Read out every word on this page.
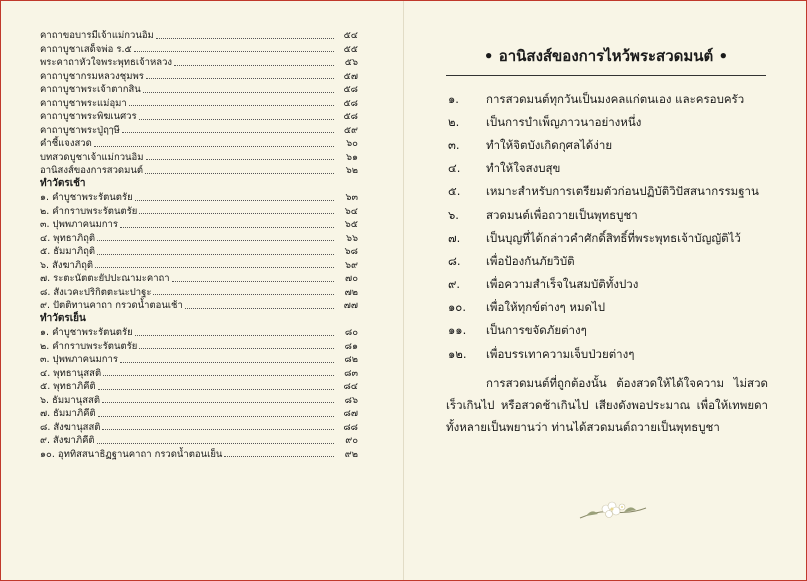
คาถาขอบารมีเจ้าแม่กวนอิม	๕๔
คาถาบูชาเสด็จพ่อ ร.๕	๕๕
พระคาถาหัวใจพระพุทธเจ้าหลวง	๕๖
คาถาบูชากรมหลวงชุมพร	๕๗
คาถาบูชาพระเจ้าตากสิน	๕๘
คาถาบูชาพระแม่อุมา	๕๘
คาถาบูชาพระพิฆเนศวร	๕๘
คาถาบูชาพระปู่ฤๅษี	๕๙
คำชี้แจงสวด	๖๐
บทสวดบูชาเจ้าแม่กวนอิม	๖๑
อานิสงส์ของการสวดมนต์	๖๒
ทำวัตรเช้า
๑. คำบูชาพระรัตนตรัย	๖๓
๒. คำกราบพระรัตนตรัย	๖๔
๓. ปุพพภาคนมการ	๖๕
๔. พุทธาภิถุติ	๖๖
๕. ธัมมาภิถุติ	๖๘
๖. สังฆาภิถุติ	๖๙
๗. ระตะนัตตะยัปปะณามะคาถา	๗๐
๘. สังเวคะปริกิตตะนะปาฐะ	๗๒
๙. ปัตติทานคาถา กรวดน้ำตอนเช้า	๗๗
ทำวัตรเย็น
๑. คำบูชาพระรัตนตรัย	๘๐
๒. คำกราบพระรัตนตรัย	๘๑
๓. ปุพพภาคนมการ	๘๒
๔. พุทธานุสสติ	๘๓
๕. พุทธาภิคีติ	๘๔
๖. ธัมมานุสสติ	๘๖
๗. ธัมมาภิคีติ	๘๗
๘. สังฆานุสสติ	๘๘
๙. สังฆาภิคีติ	๙๐
๑๐. อุททิสสนาธิฏฐานคาถา กรวดน้ำตอนเย็น	๙๒
• อานิสงส์ของการไหว้พระสวดมนต์ •
๑.	การสวดมนต์ทุกวันเป็นมงคลแก่ตนเอง และครอบครัว
๒.	เป็นการบำเพ็ญภาวนาอย่างหนึ่ง
๓.	ทำให้จิตบังเกิดกุศลได้ง่าย
๔.	ทำให้ใจสงบสุข
๕.	เหมาะสำหรับการเตรียมตัวก่อนปฏิบัติวิปัสสนากรรมฐาน
๖.	สวดมนต์เพื่อถวายเป็นพุทธบูชา
๗.	เป็นบุญที่ได้กล่าวคำศักดิ์สิทธิ์ที่พระพุทธเจ้าบัญญัติไว้
๘.	เพื่อป้องกันภัยวิบัติ
๙.	เพื่อความสำเร็จในสมบัติทั้งปวง
๑๐.	เพื่อให้ทุกข์ต่างๆ หมดไป
๑๑.	เป็นการขจัดภัยต่างๆ
๑๒.	เพื่อบรรเทาความเจ็บป่วยต่างๆ
การสวดมนต์ที่ถูกต้องนั้น ต้องสวดให้ได้ใจความ ไม่สวดเร็วเกินไป หรือสวดช้าเกินไป เสียงดังพอประมาณ เพื่อให้เทพยดาทั้งหลายเป็นพยานว่า ท่านได้สวดมนต์ถวายเป็นพุทธบูชา
